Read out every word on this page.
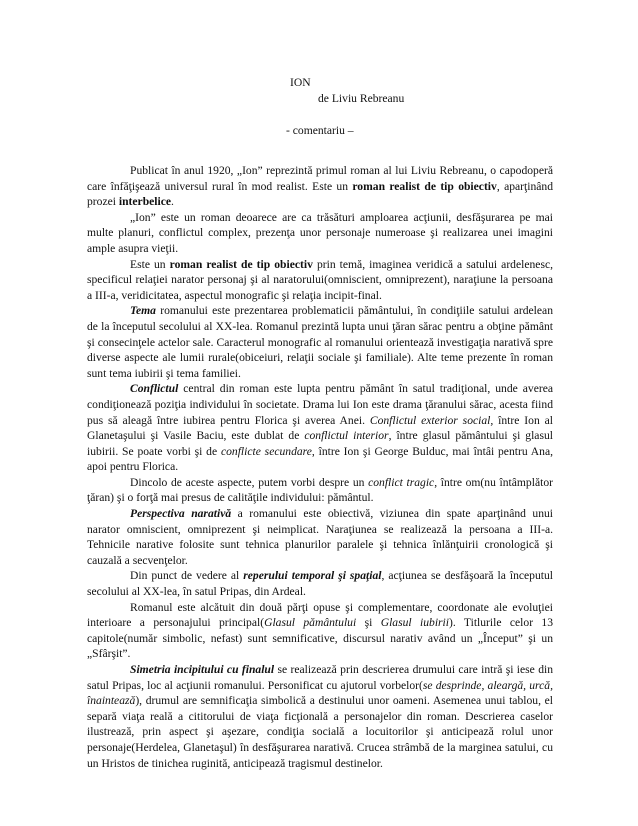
ION
de Liviu Rebreanu
- comentariu –

Publicat în anul 1920, „Ion” reprezintă primul roman al lui Liviu Rebreanu, o capodoperă care înfăţişează universul rural în mod realist. Este un roman realist de tip obiectiv, aparţinând prozei interbelice.

„Ion” este un roman deoarece are ca trăsături amploarea acţiunii, desfăşurarea pe mai multe planuri, conflictul complex, prezenţa unor personaje numeroase şi realizarea unei imagini ample asupra vieţii.

Este un roman realist de tip obiectiv prin temă, imaginea veridică a satului ardelenesc, specificul relaţiei narator personaj şi al naratorului(omniscient, omniprezent), naraţiune la persoana a III-a, veridicitatea, aspectul monografic şi relaţia incipit-final.

Tema romanului este prezentarea problematicii pământului, în condiţiile satului ardelean de la începutul secolului al XX-lea. Romanul prezintă lupta unui ţăran sărac pentru a obţine pământ şi consecinţele actelor sale. Caracterul monografic al romanului orientează investigaţia narativă spre diverse aspecte ale lumii rurale(obiceiuri, relaţii sociale şi familiale). Alte teme prezente în roman sunt tema iubirii şi tema familiei.

Conflictul central din roman este lupta pentru pământ în satul tradiţional, unde averea condiţionează poziţia individului în societate. Drama lui Ion este drama ţăranului sărac, acesta fiind pus să aleagă între iubirea pentru Florica şi averea Anei. Conflictul exterior social, între Ion al Glanetaşului şi Vasile Baciu, este dublat de conflictul interior, între glasul pământului şi glasul iubirii. Se poate vorbi şi de conflicte secundare, între Ion şi George Bulduc, mai întâi pentru Ana, apoi pentru Florica.

Dincolo de aceste aspecte, putem vorbi despre un conflict tragic, între om(nu întâmplător ţăran) şi o forţă mai presus de calităţile individului: pământul.

Perspectiva narativă a romanului este obiectivă, viziunea din spate aparţinând unui narator omniscient, omniprezent şi neimplicat. Naraţiunea se realizează la persoana a III-a. Tehnicile narative folosite sunt tehnica planurilor paralele şi tehnica înlănţuirii cronologică şi cauzală a secvenţelor.

Din punct de vedere al reperului temporal şi spaţial, acţiunea se desfăşoară la începutul secolului al XX-lea, în satul Pripas, din Ardeal.

Romanul este alcătuit din două părţi opuse şi complementare, coordonate ale evoluţiei interioare a personajului principal(Glasul pământului şi Glasul iubirii). Titlurile celor 13 capitole(număr simbolic, nefast) sunt semnificative, discursul narativ având un „Început” şi un „Sfârşit”.

Simetria incipitului cu finalul se realizează prin descrierea drumului care intră şi iese din satul Pripas, loc al acţiunii romanului. Personificat cu ajutorul vorbelor(se desprinde, aleargă, urcă, înaintează), drumul are semnificaţia simbolică a destinului unor oameni. Asemenea unui tablou, el separă viaţa reală a cititorului de viaţa ficţională a personajelor din roman. Descrierea caselor ilustrează, prin aspect şi aşezare, condiţia socială a locuitorilor şi anticipează rolul unor personaje(Herdelea, Glanetaşul) în desfăşurarea narativă. Crucea strâmbă de la marginea satului, cu un Hristos de tinichea ruginită, anticipează tragismul destinelor.
